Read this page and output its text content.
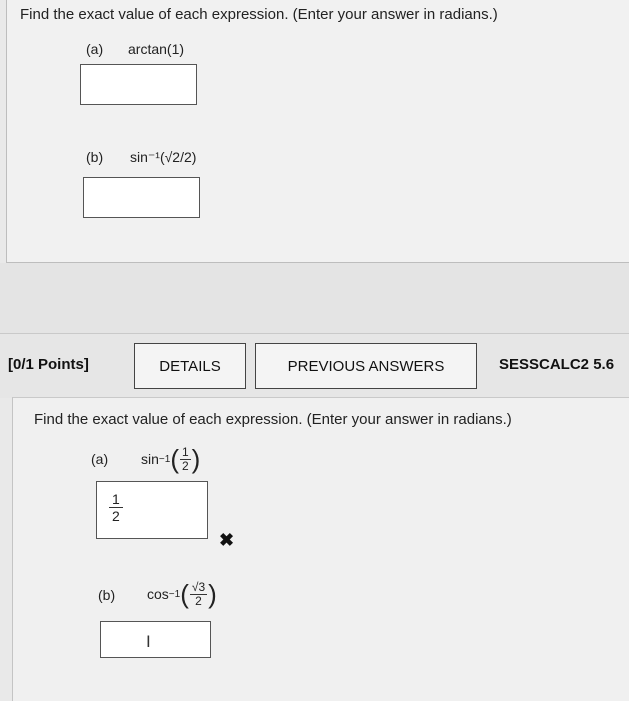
Find the exact value of each expression. (Enter your answer in radians.)
(a) arctan(1)
(b) sin⁻¹(√2/2)
[0/1 Points]	DETAILS	PREVIOUS ANSWERS	SESSCALC2 5.6
Find the exact value of each expression. (Enter your answer in radians.)
(a) sin −1 ( $\frac{1}{2}$ )
$\frac{1}{2}$
✖
(b) cos −1 ( $\frac{√3}{2}$ )
I
